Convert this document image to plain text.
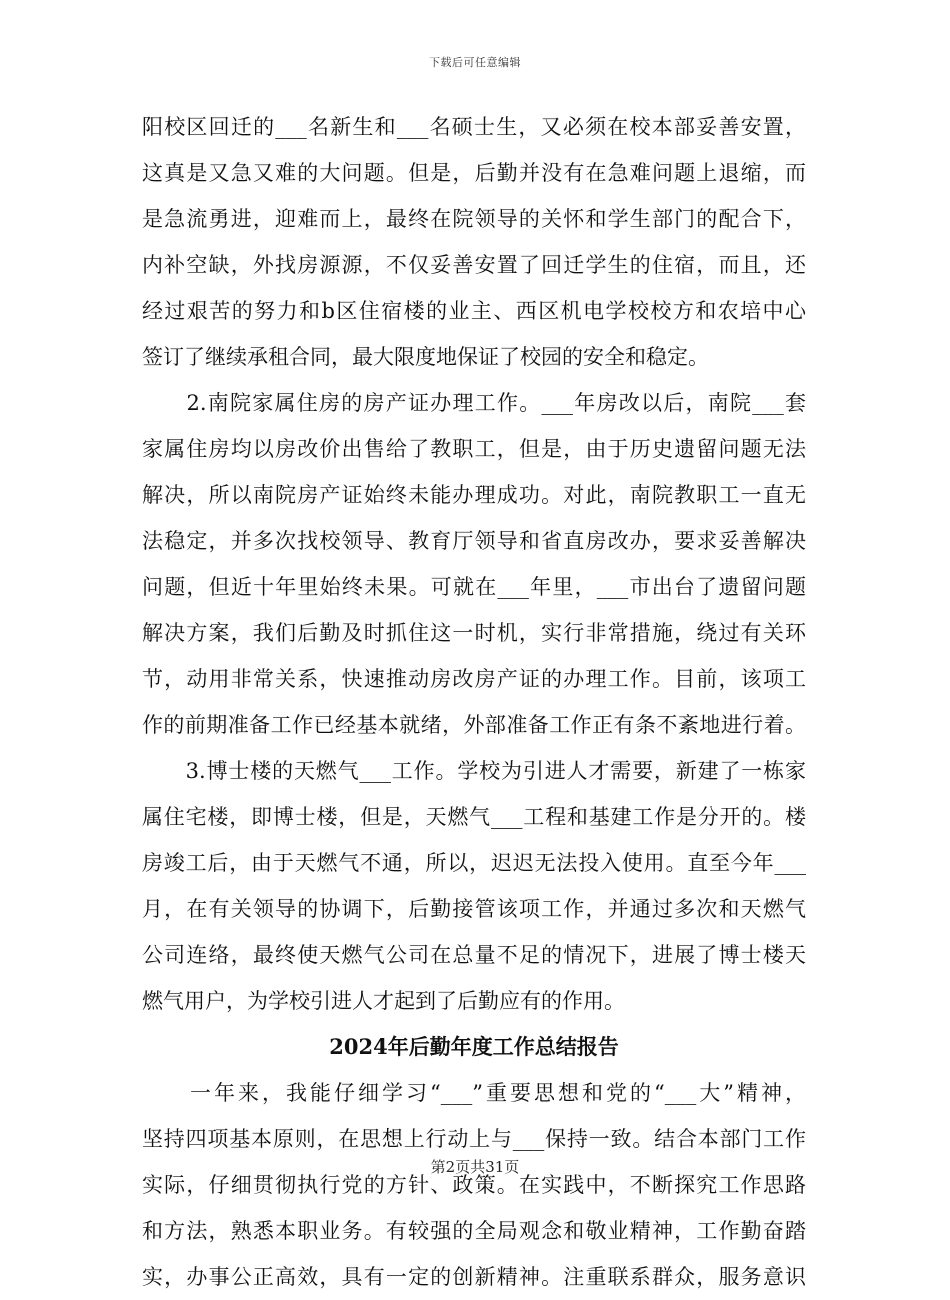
下载后可任意编辑
阳校区回迁的___名新生和___名硕士生，又必须在校本部妥善安置，
这真是又急又难的大问题。但是，后勤并没有在急难问题上退缩，而
是急流勇进，迎难而上，最终在院领导的关怀和学生部门的配合下，
内补空缺，外找房源源，不仅妥善安置了回迁学生的住宿，而且，还
经过艰苦的努力和b区住宿楼的业主、西区机电学校校方和农培中心
签订了继续承租合同，最大限度地保证了校园的安全和稳定。
　　2.南院家属住房的房产证办理工作。___年房改以后，南院___套
家属住房均以房改价出售给了教职工，但是，由于历史遗留问题无法
解决，所以南院房产证始终未能办理成功。对此，南院教职工一直无
法稳定，并多次找校领导、教育厅领导和省直房改办，要求妥善解决
问题，但近十年里始终未果。可就在___年里，___市出台了遗留问题
解决方案，我们后勤及时抓住这一时机，实行非常措施，绕过有关环
节，动用非常关系，快速推动房改房产证的办理工作。目前，该项工
作的前期准备工作已经基本就绪，外部准备工作正有条不紊地进行着。
　　3.博士楼的天燃气___工作。学校为引进人才需要，新建了一栋家
属住宅楼，即博士楼，但是，天燃气___工程和基建工作是分开的。楼
房竣工后，由于天燃气不通，所以，迟迟无法投入使用。直至今年___
月，在有关领导的协调下，后勤接管该项工作，并通过多次和天燃气
公司连络，最终使天燃气公司在总量不足的情况下，进展了博士楼天
燃气用户，为学校引进人才起到了后勤应有的作用。
2024年后勤年度工作总结报告
　　一年来，我能仔细学习“___”重要思想和党的“___大”精神，
坚持四项基本原则，在思想上行动上与___保持一致。结合本部门工作
实际，仔细贯彻执行党的方针、政策。在实践中，不断探究工作思路
和方法，熟悉本职业务。有较强的全局观念和敬业精神，工作勤奋踏
实，办事公正高效，具有一定的创新精神。注重联系群众，服务意识
第2页共31页
